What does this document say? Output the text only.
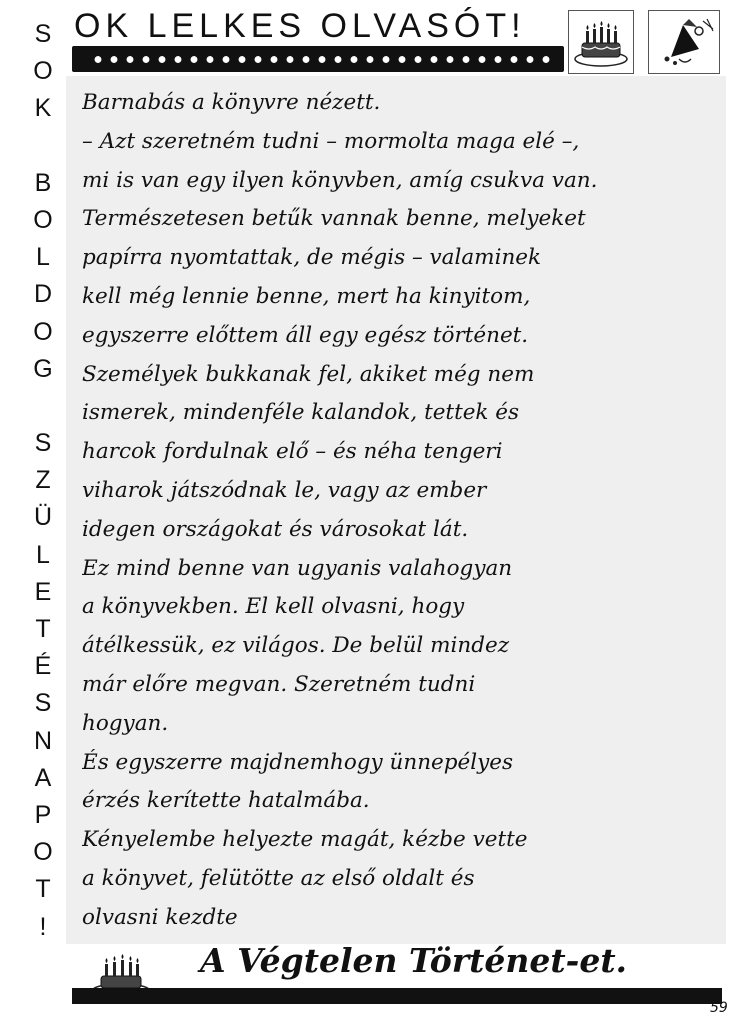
S
O
K
B
O
L
D
O
G
S
Z
Ü
L
E
T
É
S
N
A
P
O
T
!
OK LELKES OLVASÓT!
Barnabás a könyvre nézett.
– Azt szeretném tudni – mormolta maga elé –,
mi is van egy ilyen könyvben, amíg csukva van.
Természetesen betűk vannak benne, melyeket
papírra nyomtattak, de mégis – valaminek
kell még lennie benne, mert ha kinyitom,
egyszerre előttem áll egy egész történet.
Személyek bukkanak fel, akiket még nem
ismerek, mindenféle kalandok, tettek és
harcok fordulnak elő – és néha tengeri
viharok játszódnak le, vagy az ember
idegen országokat és városokat lát.
Ez mind benne van ugyanis valahogyan
a könyvekben. El kell olvasni, hogy
átélkessük, ez világos. De belül mindez
már előre megvan. Szeretném tudni
hogyan.
És egyszerre majdnemhogy ünnepélyes
érzés kerítette hatalmába.
Kényelembe helyezte magát, kézbe vette
a könyvet, felütötte az első oldalt és
olvasni kezdte
A Végtelen Történet-et.
59
